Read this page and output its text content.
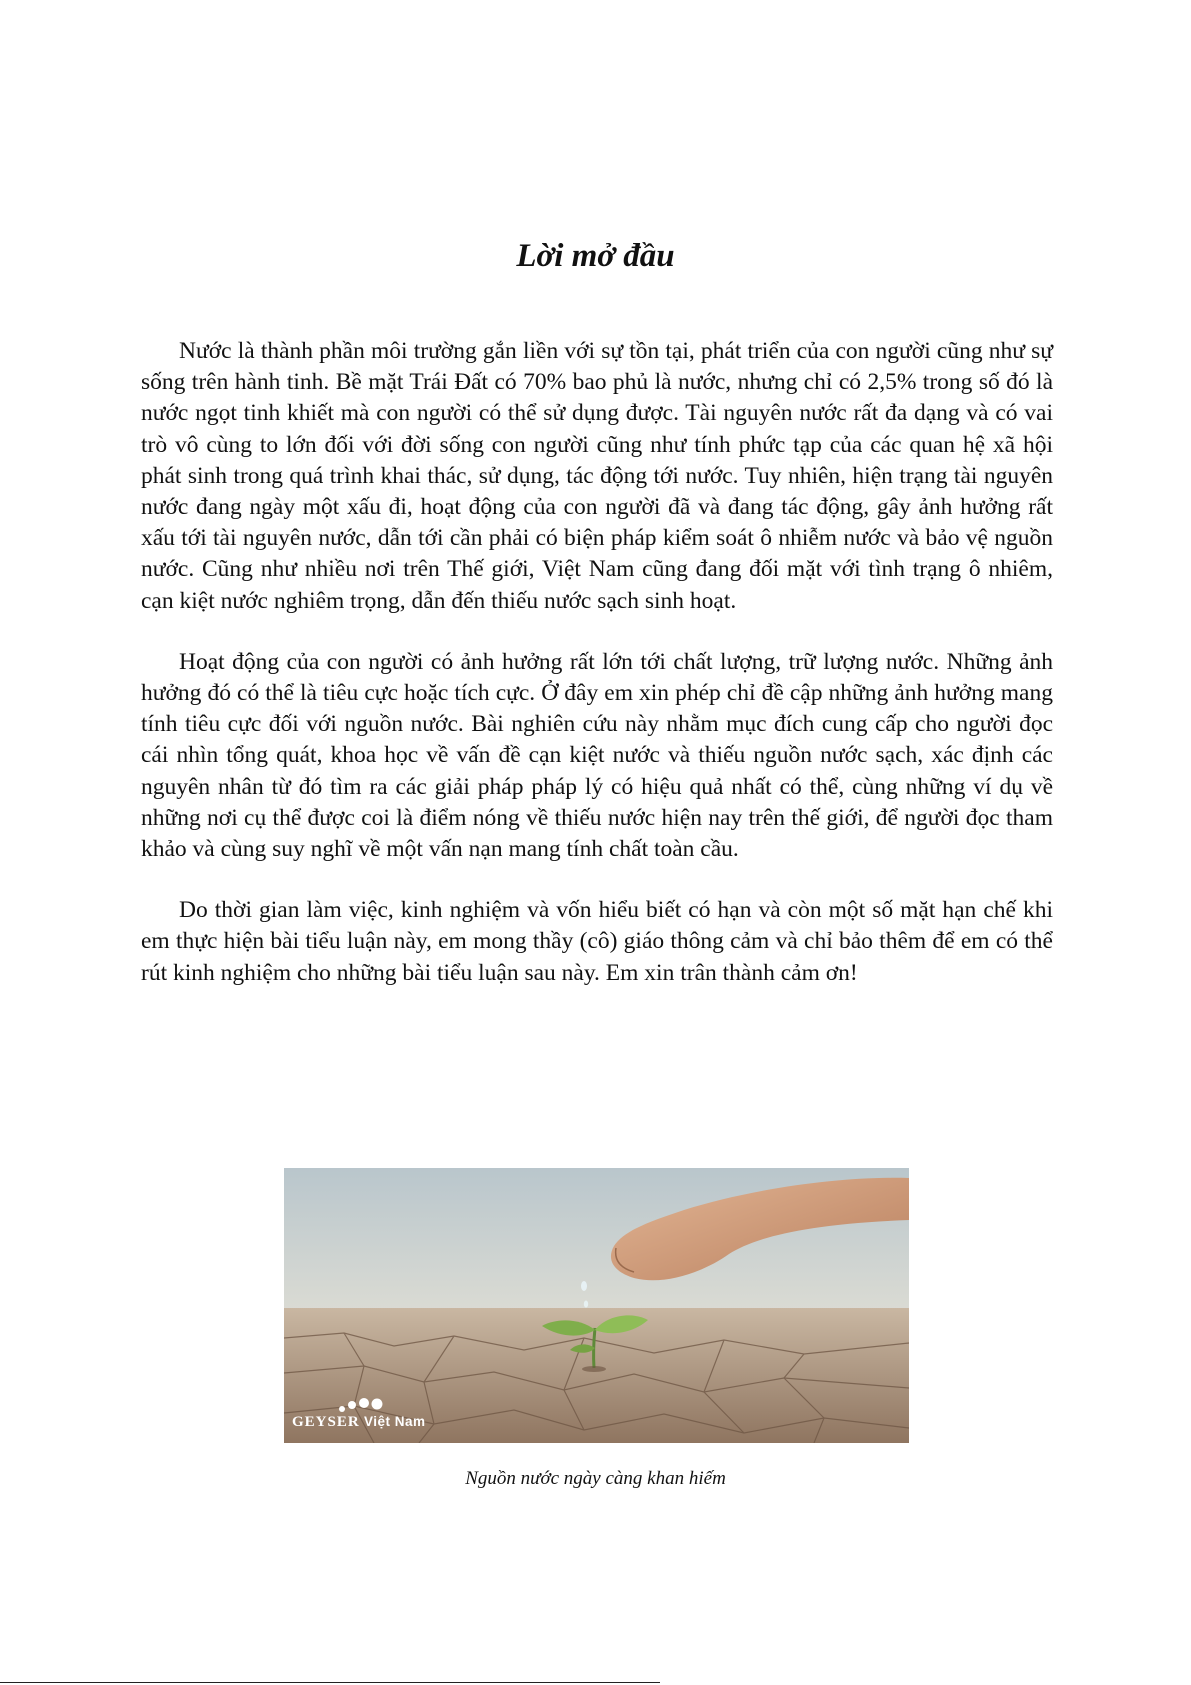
Lời mở đầu

Nước là thành phần môi trường gắn liền với sự tồn tại, phát triển của con người cũng như sự sống trên hành tinh. Bề mặt Trái Đất có 70% bao phủ là nước, nhưng chỉ có 2,5% trong số đó là nước ngọt tinh khiết mà con người có thể sử dụng được. Tài nguyên nước rất đa dạng và có vai trò vô cùng to lớn đối với đời sống con người cũng như tính phức tạp của các quan hệ xã hội phát sinh trong quá trình khai thác, sử dụng, tác động tới nước. Tuy nhiên, hiện trạng tài nguyên nước đang ngày một xấu đi, hoạt động của con người đã và đang tác động, gây ảnh hưởng rất xấu tới tài nguyên nước, dẫn tới cần phải có biện pháp kiểm soát ô nhiễm nước và bảo vệ nguồn nước. Cũng như nhiều nơi trên Thế giới, Việt Nam cũng đang đối mặt với tình trạng ô nhiêm, cạn kiệt nước nghiêm trọng, dẫn đến thiếu nước sạch sinh hoạt.

Hoạt động của con người có ảnh hưởng rất lớn tới chất lượng, trữ lượng nước. Những ảnh hưởng đó có thể là tiêu cực hoặc tích cực. Ở đây em xin phép chỉ đề cập những ảnh hưởng mang tính tiêu cực đối với nguồn nước. Bài nghiên cứu này nhằm mục đích cung cấp cho người đọc cái nhìn tổng quát, khoa học về vấn đề cạn kiệt nước và thiếu nguồn nước sạch, xác định các nguyên nhân từ đó tìm ra các giải pháp pháp lý có hiệu quả nhất có thể, cùng những ví dụ về những nơi cụ thể được coi là điểm nóng về thiếu nước hiện nay trên thế giới, để người đọc tham khảo và cùng suy nghĩ về một vấn nạn mang tính chất toàn cầu.

Do thời gian làm việc, kinh nghiệm và vốn hiểu biết có hạn và còn một số mặt hạn chế khi em thực hiện bài tiểu luận này, em mong thầy (cô) giáo thông cảm và chỉ bảo thêm để em có thể rút kinh nghiệm cho những bài tiểu luận sau này. Em xin trân thành cảm ơn!

GEYSER Việt Nam

Nguồn nước ngày càng khan hiếm
